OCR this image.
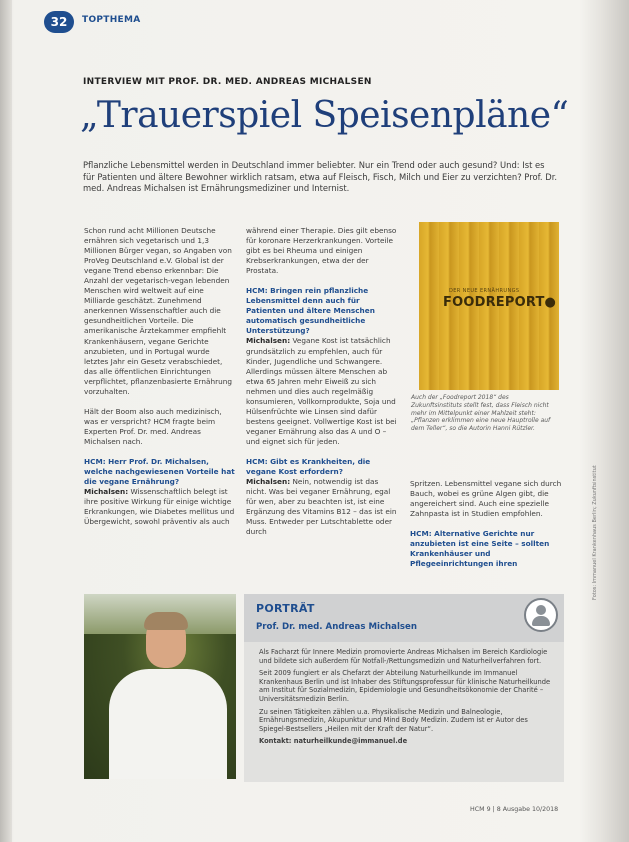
32	TOPTHEMA
INTERVIEW MIT PROF. DR. MED. ANDREAS MICHALSEN
„Trauerspiel Speisenpläne“
Pflanzliche Lebensmittel werden in Deutschland immer beliebter. Nur ein Trend oder auch gesund? Und: Ist es für Patienten und ältere Bewohner wirklich ratsam, etwa auf Fleisch, Fisch, Milch und Eier zu verzichten? Prof. Dr. med. Andreas Michalsen ist Ernährungsmediziner und Internist.

Schon rund acht Millionen Deutsche ernähren sich vegetarisch und 1,3 Millionen Bürger vegan, so Angaben von ProVeg Deutschland e.V. Global ist der vegane Trend ebenso erkennbar: Die Anzahl der vegetarisch-vegan lebenden Menschen wird weltweit auf eine Milliarde geschätzt. Zunehmend anerkennen Wissenschaftler auch die gesundheitlichen Vorteile. Die amerikanische Ärztekammer empfiehlt Krankenhäusern, vegane Gerichte anzubieten, und in Portugal wurde letztes Jahr ein Gesetz verabschiedet, das alle öffentlichen Einrichtungen verpflichtet, pflanzenbasierte Ernährung vorzuhalten.

Hält der Boom also auch medizinisch, was er verspricht? HCM fragte beim Experten Prof. Dr. med. Andreas Michalsen nach.

HCM: Herr Prof. Dr. Michalsen, welche nachgewiesenen Vorteile hat die vegane Ernährung?

Michalsen: Wissenschaftlich belegt ist ihre positive Wirkung für einige wichtige Erkrankungen, wie Diabetes mellitus und Übergewicht, sowohl präventiv als auch

während einer Therapie. Dies gilt ebenso für koronare Herzerkrankungen. Vorteile gibt es bei Rheuma und einigen Krebserkrankungen, etwa der der Prostata.

HCM: Bringen rein pflanzliche Lebensmittel denn auch für Patienten und ältere Menschen automatisch gesundheitliche Unterstützung?

Michalsen: Vegane Kost ist tatsächlich grundsätzlich zu empfehlen, auch für Kinder, Jugendliche und Schwangere. Allerdings müssen ältere Menschen ab etwa 65 Jahren mehr Eiweiß zu sich nehmen und dies auch regelmäßig konsumieren, Vollkornprodukte, Soja und Hülsenfrüchte wie Linsen sind dafür bestens geeignet. Vollwertige Kost ist bei veganer Ernährung also das A und O – und eignet sich für jeden.

HCM: Gibt es Krankheiten, die vegane Kost erfordern?

Michalsen: Nein, notwendig ist das nicht. Was bei veganer Ernährung, egal für wen, aber zu beachten ist, ist eine Ergänzung des Vitamins B12 – das ist ein Muss. Entweder per Lutschtablette oder durch

DER NEUE ERNÄHRUNGS
FOODREPORT●
Auch der „Foodreport 2018“ des Zukunftsinstituts stellt fest, dass Fleisch nicht mehr im Mittelpunkt einer Mahlzeit steht: „Pflanzen erklimmen eine neue Hauptrolle auf dem Teller“, so die Autorin Hanni Rützler.

Spritzen. Lebensmittel vegane sich durch Bauch, wobei es grüne Algen gibt, die angereichert sind. Auch eine spezielle Zahnpasta ist in Studien empfohlen.

HCM: Alternative Gerichte nur anzubieten ist eine Seite – sollten Krankenhäuser und Pflegeeinrichtungen ihren

PORTRÄT
Prof. Dr. med. Andreas Michalsen

Als Facharzt für Innere Medizin promovierte Andreas Michalsen im Bereich Kardiologie und bildete sich außerdem für Notfall-/Rettungsmedizin und Naturheilverfahren fort.

Seit 2009 fungiert er als Chefarzt der Abteilung Naturheilkunde im Immanuel Krankenhaus Berlin und ist Inhaber des Stiftungsprofessur für klinische Naturheilkunde am Institut für Sozialmedizin, Epidemiologie und Gesundheitsökonomie der Charité – Universitätsmedizin Berlin.

Zu seinen Tätigkeiten zählen u.a. Physikalische Medizin und Balneologie, Ernährungsmedizin, Akupunktur und Mind Body Medizin. Zudem ist er Autor des Spiegel-Bestsellers „Heilen mit der Kraft der Natur“.

Kontakt: naturheilkunde@immanuel.de

Fotos: Immanuel Krankenhaus Berlin; Zukunftsinstitut
HCM 9 | 8 Ausgabe 10/2018
